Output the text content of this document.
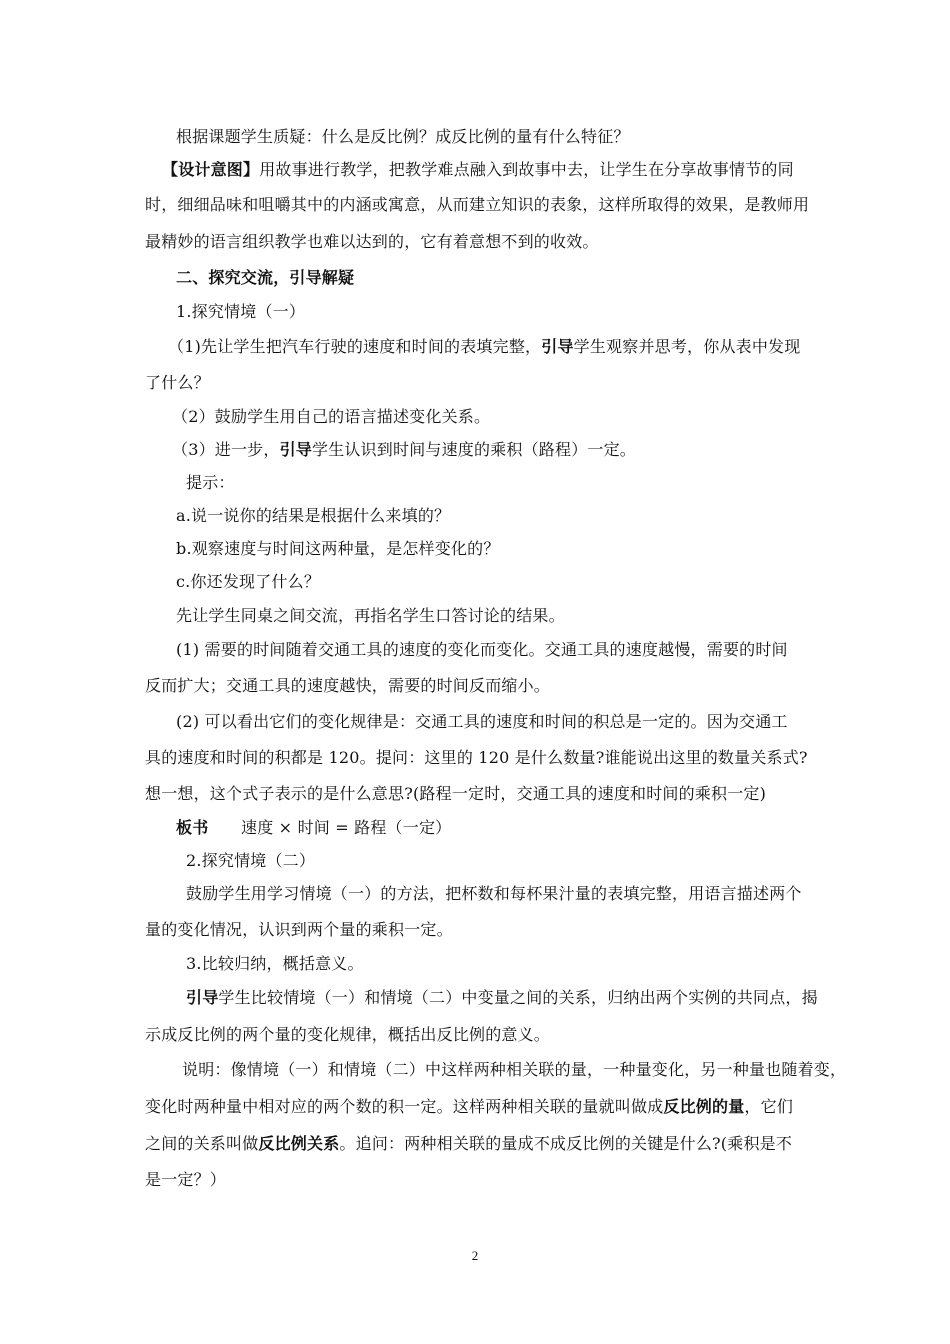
根据课题学生质疑：什么是反比例？成反比例的量有什么特征？
【设计意图】用故事进行教学，把教学难点融入到故事中去，让学生在分享故事情节的同
时，细细品味和咀嚼其中的内涵或寓意，从而建立知识的表象，这样所取得的效果，是教师用
最精妙的语言组织教学也难以达到的，它有着意想不到的收效。
二、探究交流，引导解疑
1.探究情境（一）
（1)先让学生把汽车行驶的速度和时间的表填完整，引导学生观察并思考，你从表中发现
了什么？
（2）鼓励学生用自己的语言描述变化关系。
（3）进一步，引导学生认识到时间与速度的乘积（路程）一定。
提示：
a.说一说你的结果是根据什么来填的？
b.观察速度与时间这两种量，是怎样变化的？
c.你还发现了什么？
先让学生同桌之间交流，再指名学生口答讨论的结果。
(1) 需要的时间随着交通工具的速度的变化而变化。交通工具的速度越慢，需要的时间
反而扩大；交通工具的速度越快，需要的时间反而缩小。
(2) 可以看出它们的变化规律是：交通工具的速度和时间的积总是一定的。因为交通工
具的速度和时间的积都是 120。提问：这里的 120 是什么数量?谁能说出这里的数量关系式?
想一想，这个式子表示的是什么意思?(路程一定时，交通工具的速度和时间的乘积一定)
板书 速度 × 时间 = 路程（一定）
2.探究情境（二）
鼓励学生用学习情境（一）的方法，把杯数和每杯果汁量的表填完整，用语言描述两个
量的变化情况，认识到两个量的乘积一定。
3.比较归纳，概括意义。
引导学生比较情境（一）和情境（二）中变量之间的关系，归纳出两个实例的共同点，揭
示成反比例的两个量的变化规律，概括出反比例的意义。
说明：像情境（一）和情境（二）中这样两种相关联的量，一种量变化，另一种量也随着变，
变化时两种量中相对应的两个数的积一定。这样两种相关联的量就叫做成反比例的量，它们
之间的关系叫做反比例关系。追问：两种相关联的量成不成反比例的关键是什么?(乘积是不
是一定？）
2
